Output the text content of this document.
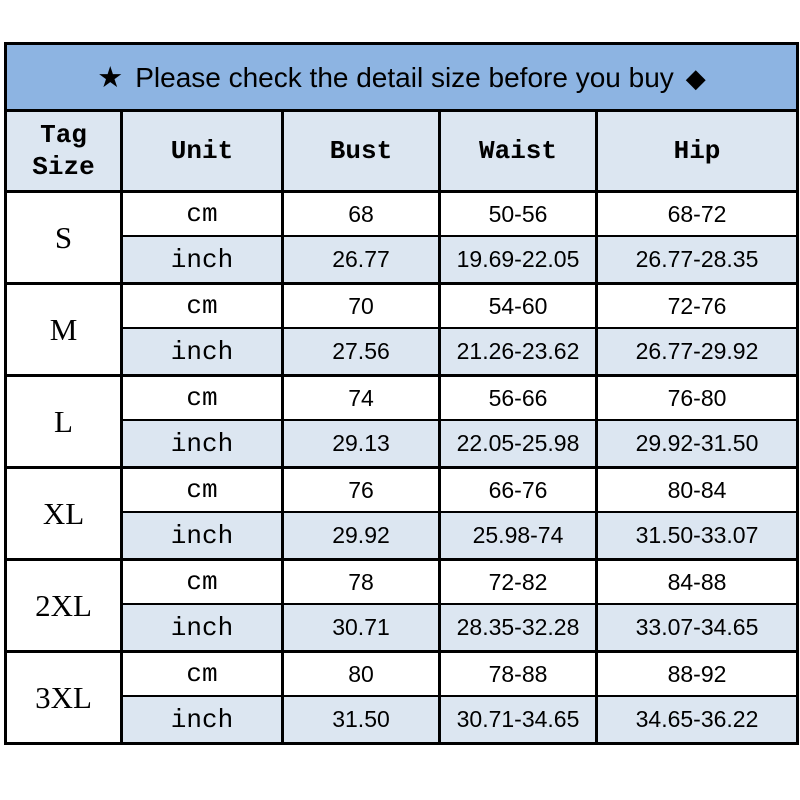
★ Please check the detail size before you buy ◆				
Tag Size	Unit	Bust	Waist	Hip
S	cm	68	50-56	68-72
	inch	26.77	19.69-22.05	26.77-28.35
M	cm	70	54-60	72-76
	inch	27.56	21.26-23.62	26.77-29.92
L	cm	74	56-66	76-80
	inch	29.13	22.05-25.98	29.92-31.50
XL	cm	76	66-76	80-84
	inch	29.92	25.98-74	31.50-33.07
2XL	cm	78	72-82	84-88
	inch	30.71	28.35-32.28	33.07-34.65
3XL	cm	80	78-88	88-92
	inch	31.50	30.71-34.65	34.65-36.22
